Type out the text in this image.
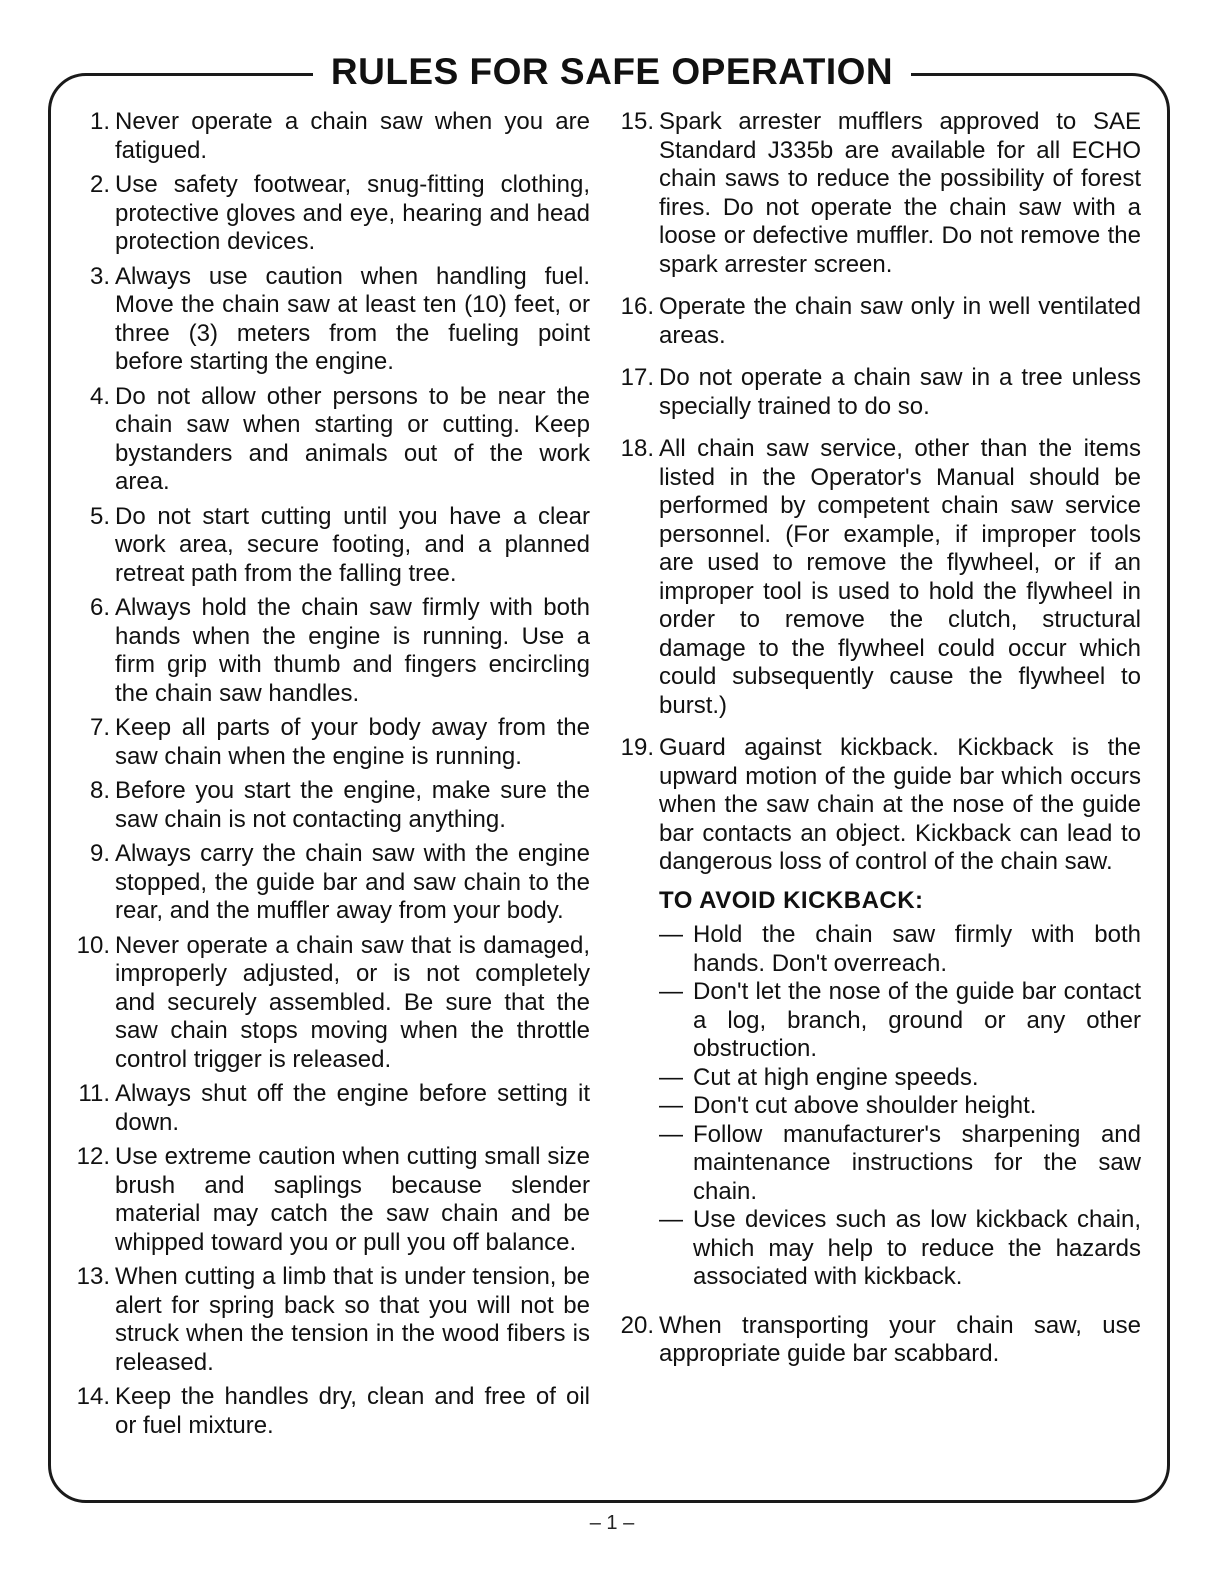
RULES FOR SAFE OPERATION
1. Never operate a chain saw when you are fatigued.
2. Use safety footwear, snug-fitting clothing, protective gloves and eye, hearing and head protection devices.
3. Always use caution when handling fuel. Move the chain saw at least ten (10) feet, or three (3) meters from the fueling point before starting the engine.
4. Do not allow other persons to be near the chain saw when starting or cutting. Keep bystanders and animals out of the work area.
5. Do not start cutting until you have a clear work area, secure footing, and a planned retreat path from the falling tree.
6. Always hold the chain saw firmly with both hands when the engine is running. Use a firm grip with thumb and fingers encircling the chain saw handles.
7. Keep all parts of your body away from the saw chain when the engine is running.
8. Before you start the engine, make sure the saw chain is not contacting anything.
9. Always carry the chain saw with the engine stopped, the guide bar and saw chain to the rear, and the muffler away from your body.
10. Never operate a chain saw that is damaged, improperly adjusted, or is not completely and securely assembled. Be sure that the saw chain stops moving when the throttle control trigger is released.
11. Always shut off the engine before setting it down.
12. Use extreme caution when cutting small size brush and saplings because slender material may catch the saw chain and be whipped toward you or pull you off balance.
13. When cutting a limb that is under tension, be alert for spring back so that you will not be struck when the tension in the wood fibers is released.
14. Keep the handles dry, clean and free of oil or fuel mixture.
15. Spark arrester mufflers approved to SAE Standard J335b are available for all ECHO chain saws to reduce the possibility of forest fires. Do not operate the chain saw with a loose or defective muffler. Do not remove the spark arrester screen.
16. Operate the chain saw only in well ventilated areas.
17. Do not operate a chain saw in a tree unless specially trained to do so.
18. All chain saw service, other than the items listed in the Operator's Manual should be performed by competent chain saw service personnel. (For example, if improper tools are used to remove the flywheel, or if an improper tool is used to hold the flywheel in order to remove the clutch, structural damage to the flywheel could occur which could subsequently cause the flywheel to burst.)
19. Guard against kickback. Kickback is the upward motion of the guide bar which occurs when the saw chain at the nose of the guide bar contacts an object. Kickback can lead to dangerous loss of control of the chain saw.
TO AVOID KICKBACK:
— Hold the chain saw firmly with both hands. Don't overreach.
— Don't let the nose of the guide bar contact a log, branch, ground or any other obstruction.
— Cut at high engine speeds.
— Don't cut above shoulder height.
— Follow manufacturer's sharpening and maintenance instructions for the saw chain.
— Use devices such as low kickback chain, which may help to reduce the hazards associated with kickback.
20. When transporting your chain saw, use appropriate guide bar scabbard.
– 1 –
